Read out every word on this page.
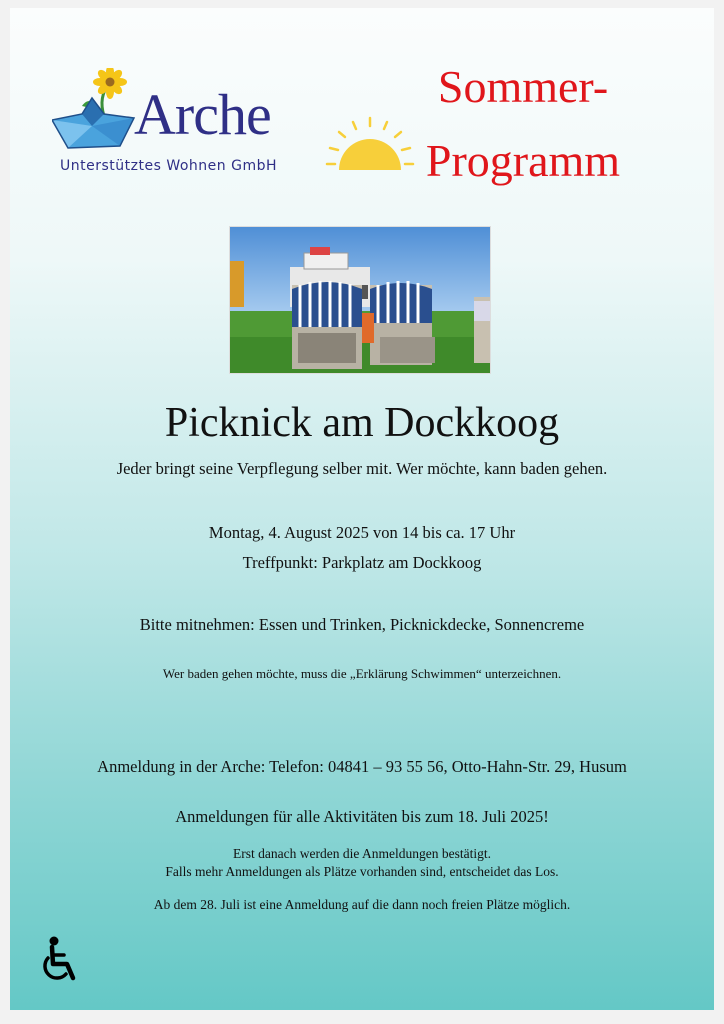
Arche
Unterstütztes Wohnen GmbH
Sommer-
Programm
Picknick am Dockkoog
Jeder bringt seine Verpflegung selber mit. Wer möchte, kann baden gehen.
Montag, 4. August 2025 von 14 bis ca. 17 Uhr
Treffpunkt: Parkplatz am Dockkoog
Bitte mitnehmen: Essen und Trinken, Picknickdecke, Sonnencreme
Wer baden gehen möchte, muss die „Erklärung Schwimmen“ unterzeichnen.
Anmeldung in der Arche: Telefon: 04841 – 93 55 56, Otto-Hahn-Str. 29, Husum
Anmeldungen für alle Aktivitäten bis zum 18. Juli 2025!
Erst danach werden die Anmeldungen bestätigt.
Falls mehr Anmeldungen als Plätze vorhanden sind, entscheidet das Los.
Ab dem 28. Juli ist eine Anmeldung auf die dann noch freien Plätze möglich.
